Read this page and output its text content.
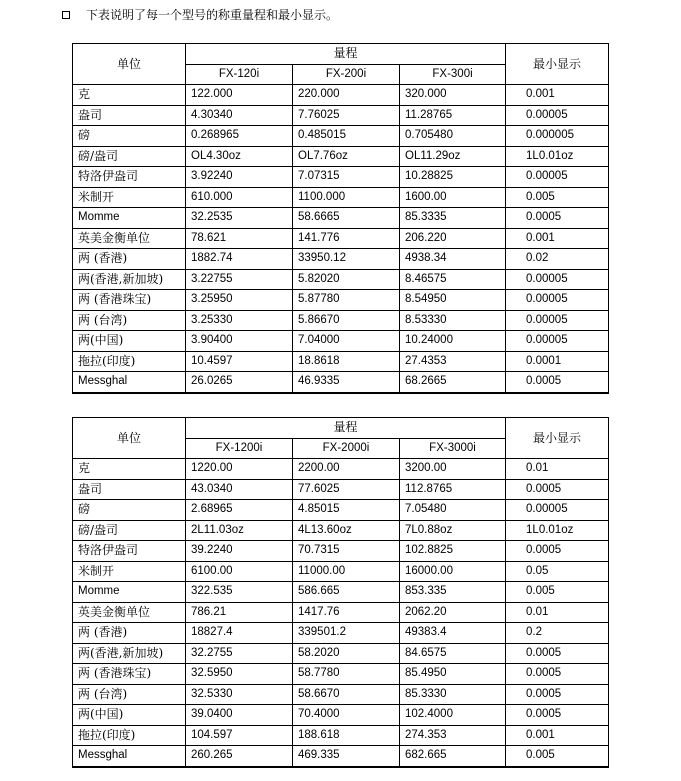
下表说明了每一个型号的称重量程和最小显示。
单位	量程			最小显示
	FX-120i	FX-200i	FX-300i	
克	122.000	220.000	320.000	0.001
盎司	4.30340	7.76025	11.28765	0.00005
磅	0.268965	0.485015	0.705480	0.000005
磅/盎司	OL4.30oz	OL7.76oz	OL11.29oz	1L0.01oz
特洛伊盎司	3.92240	7.07315	10.28825	0.00005
米制开	610.000	1100.000	1600.00	0.005
Momme	32.2535	58.6665	85.3335	0.0005
英美金衡单位	78.621	141.776	206.220	0.001
两 (香港)	1882.74	33950.12	4938.34	0.02
两(香港,新加坡)	3.22755	5.82020	8.46575	0.00005
两 (香港珠宝)	3.25950	5.87780	8.54950	0.00005
两 (台湾)	3.25330	5.86670	8.53330	0.00005
两(中国)	3.90400	7.04000	10.24000	0.00005
拖拉(印度)	10.4597	18.8618	27.4353	0.0001
Messghal	26.0265	46.9335	68.2665	0.0005
单位	量程			最小显示
	FX-1200i	FX-2000i	FX-3000i	
克	1220.00	2200.00	3200.00	0.01
盎司	43.0340	77.6025	112.8765	0.0005
磅	2.68965	4.85015	7.05480	0.00005
磅/盎司	2L11.03oz	4L13.60oz	7L0.88oz	1L0.01oz
特洛伊盎司	39.2240	70.7315	102.8825	0.0005
米制开	6100.00	11000.00	16000.00	0.05
Momme	322.535	586.665	853.335	0.005
英美金衡单位	786.21	1417.76	2062.20	0.01
两 (香港)	18827.4	339501.2	49383.4	0.2
两(香港,新加坡)	32.2755	58.2020	84.6575	0.0005
两 (香港珠宝)	32.5950	58.7780	85.4950	0.0005
两 (台湾)	32.5330	58.6670	85.3330	0.0005
两(中国)	39.0400	70.4000	102.4000	0.0005
拖拉(印度)	104.597	188.618	274.353	0.001
Messghal	260.265	469.335	682.665	0.005
